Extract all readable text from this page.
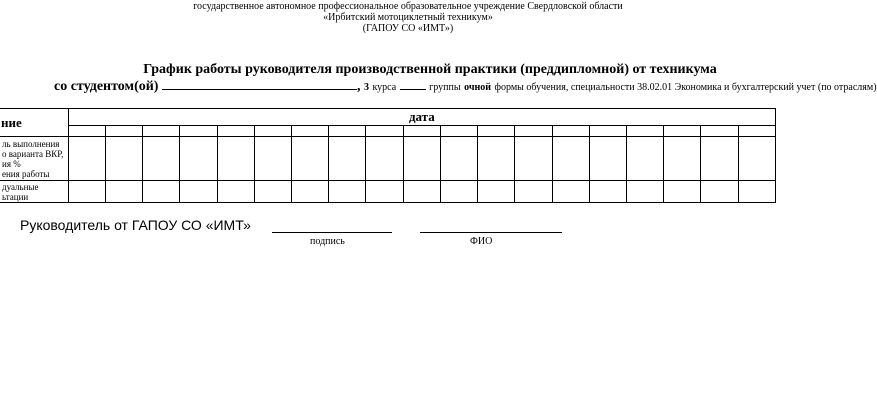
государственное автономное профессиональное образовательное учреждение Свердловской области
«Ирбитский мотоциклетный техникум»
(ГАПОУ СО «ИМТ»)
График работы руководителя производственной практики (преддипломной) от техникума
со студентом(ой)	, 3 курса	группы очной формы обучения, специальности 38.02.01 Экономика и бухгалтерский учет (по отраслям)
ние	дата																		

ль выполнения
о варианта ВКР,
ия %
ения работы																			

дуальные
ьтации																			

Руководитель от ГАПОУ СО «ИМТ»
подпись	ФИО
